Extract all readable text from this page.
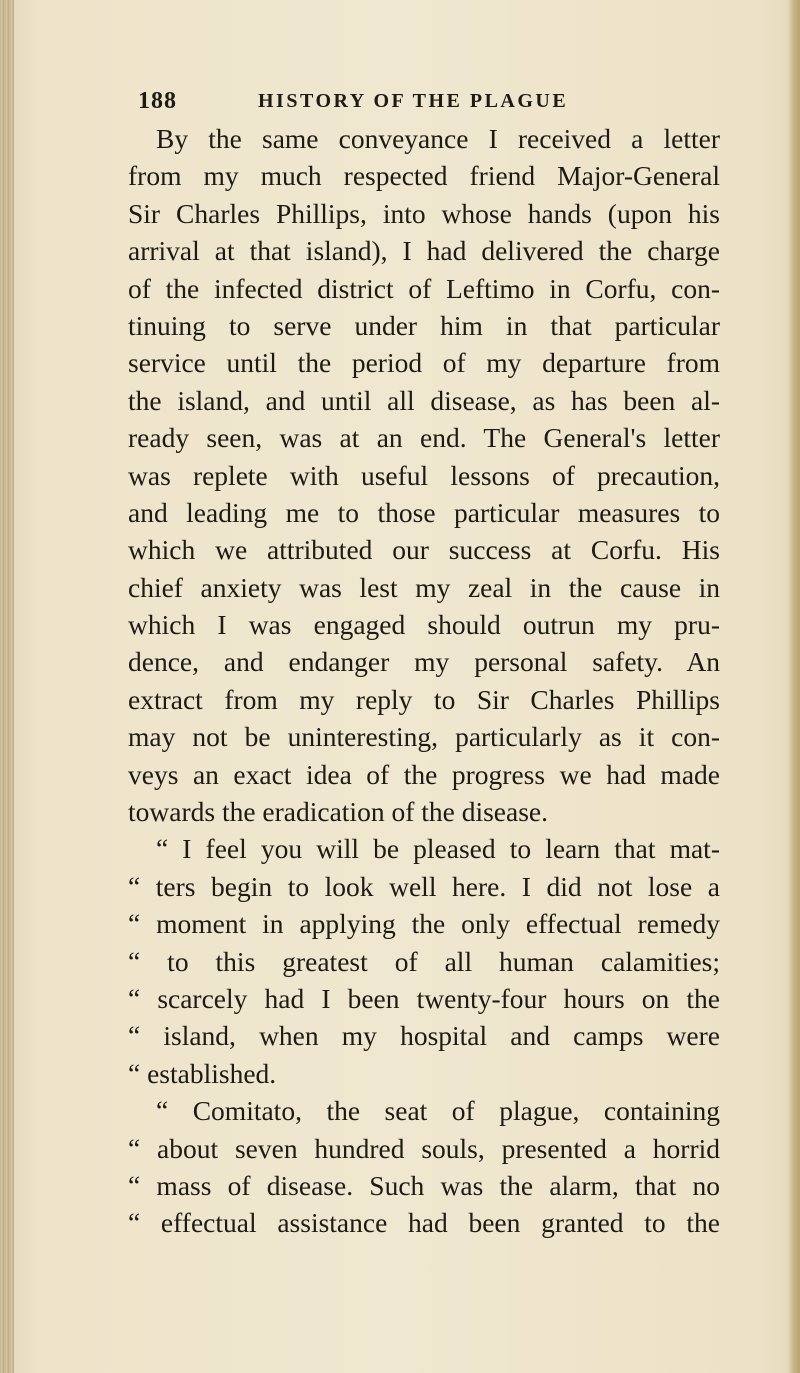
188	HISTORY OF THE PLAGUE
By the same conveyance I received a letter
from my much respected friend Major-General
Sir Charles Phillips, into whose hands (upon his
arrival at that island), I had delivered the charge
of the infected district of Leftimo in Corfu, con-
tinuing to serve under him in that particular
service until the period of my departure from
the island, and until all disease, as has been al-
ready seen, was at an end. The General's letter
was replete with useful lessons of precaution,
and leading me to those particular measures to
which we attributed our success at Corfu. His
chief anxiety was lest my zeal in the cause in
which I was engaged should outrun my pru-
dence, and endanger my personal safety. An
extract from my reply to Sir Charles Phillips
may not be uninteresting, particularly as it con-
veys an exact idea of the progress we had made
towards the eradication of the disease.
“ I feel you will be pleased to learn that mat-
“ ters begin to look well here. I did not lose a
“ moment in applying the only effectual remedy
“ to this greatest of all human calamities;
“ scarcely had I been twenty-four hours on the
“ island, when my hospital and camps were
“ established.
“ Comitato, the seat of plague, containing
“ about seven hundred souls, presented a horrid
“ mass of disease. Such was the alarm, that no
“ effectual assistance had been granted to the
